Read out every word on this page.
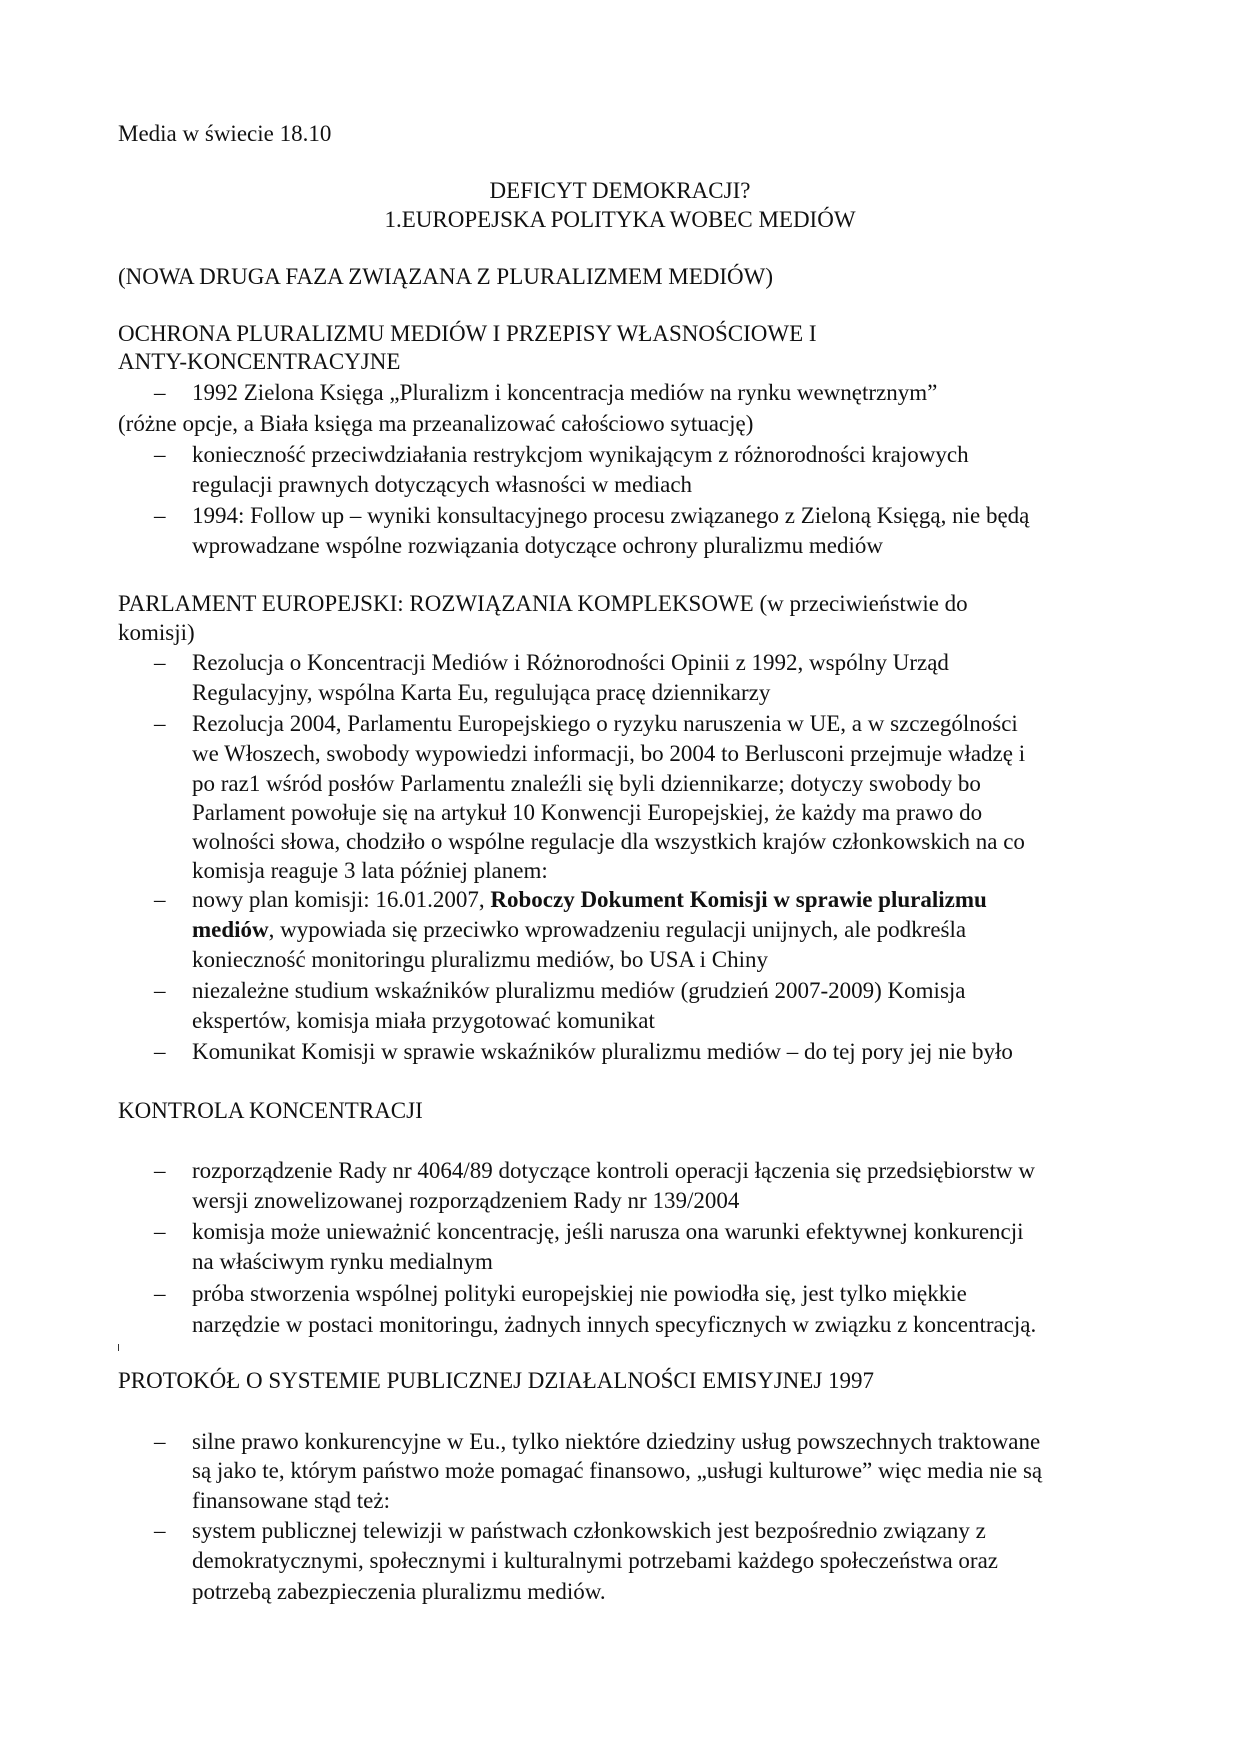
Media w świecie 18.10
DEFICYT DEMOKRACJI?
1.EUROPEJSKA POLITYKA WOBEC MEDIÓW
(NOWA DRUGA FAZA ZWIĄZANA Z PLURALIZMEM MEDIÓW)
OCHRONA PLURALIZMU MEDIÓW I PRZEPISY WŁASNOŚCIOWE I
ANTY-KONCENTRACYJNE
– 1992 Zielona Księga „Pluralizm i koncentracja mediów na rynku wewnętrznym”
(różne opcje, a Biała księga ma przeanalizować całościowo sytuację)
– konieczność przeciwdziałania restrykcjom wynikającym z różnorodności krajowych
regulacji prawnych dotyczących własności w mediach
– 1994: Follow up – wyniki konsultacyjnego procesu związanego z Zieloną Księgą, nie będą
wprowadzane wspólne rozwiązania dotyczące ochrony pluralizmu mediów
PARLAMENT EUROPEJSKI: ROZWIĄZANIA KOMPLEKSOWE (w przeciwieństwie do
komisji)
– Rezolucja o Koncentracji Mediów i Różnorodności Opinii z 1992, wspólny Urząd
Regulacyjny, wspólna Karta Eu, regulująca pracę dziennikarzy
– Rezolucja 2004, Parlamentu Europejskiego o ryzyku naruszenia w UE, a w szczególności
we Włoszech, swobody wypowiedzi informacji, bo 2004 to Berlusconi przejmuje władzę i
po raz1 wśród posłów Parlamentu znaleźli się byli dziennikarze; dotyczy swobody bo
Parlament powołuje się na artykuł 10 Konwencji Europejskiej, że każdy ma prawo do
wolności słowa, chodziło o wspólne regulacje dla wszystkich krajów członkowskich na co
komisja reaguje 3 lata później planem:
– nowy plan komisji: 16.01.2007, Roboczy Dokument Komisji w sprawie pluralizmu
mediów, wypowiada się przeciwko wprowadzeniu regulacji unijnych, ale podkreśla
konieczność monitoringu pluralizmu mediów, bo USA i Chiny
– niezależne studium wskaźników pluralizmu mediów (grudzień 2007-2009) Komisja
ekspertów, komisja miała przygotować komunikat
– Komunikat Komisji w sprawie wskaźników pluralizmu mediów – do tej pory jej nie było
KONTROLA KONCENTRACJI
– rozporządzenie Rady nr 4064/89 dotyczące kontroli operacji łączenia się przedsiębiorstw w
wersji znowelizowanej rozporządzeniem Rady nr 139/2004
– komisja może unieważnić koncentrację, jeśli narusza ona warunki efektywnej konkurencji
na właściwym rynku medialnym
– próba stworzenia wspólnej polityki europejskiej nie powiodła się, jest tylko miękkie
narzędzie w postaci monitoringu, żadnych innych specyficznych w związku z koncentracją.
PROTOKÓŁ O SYSTEMIE PUBLICZNEJ DZIAŁALNOŚCI EMISYJNEJ 1997
– silne prawo konkurencyjne w Eu., tylko niektóre dziedziny usług powszechnych traktowane
są jako te, którym państwo może pomagać finansowo, „usługi kulturowe” więc media nie są
finansowane stąd też:
– system publicznej telewizji w państwach członkowskich jest bezpośrednio związany z
demokratycznymi, społecznymi i kulturalnymi potrzebami każdego społeczeństwa oraz
potrzebą zabezpieczenia pluralizmu mediów.
